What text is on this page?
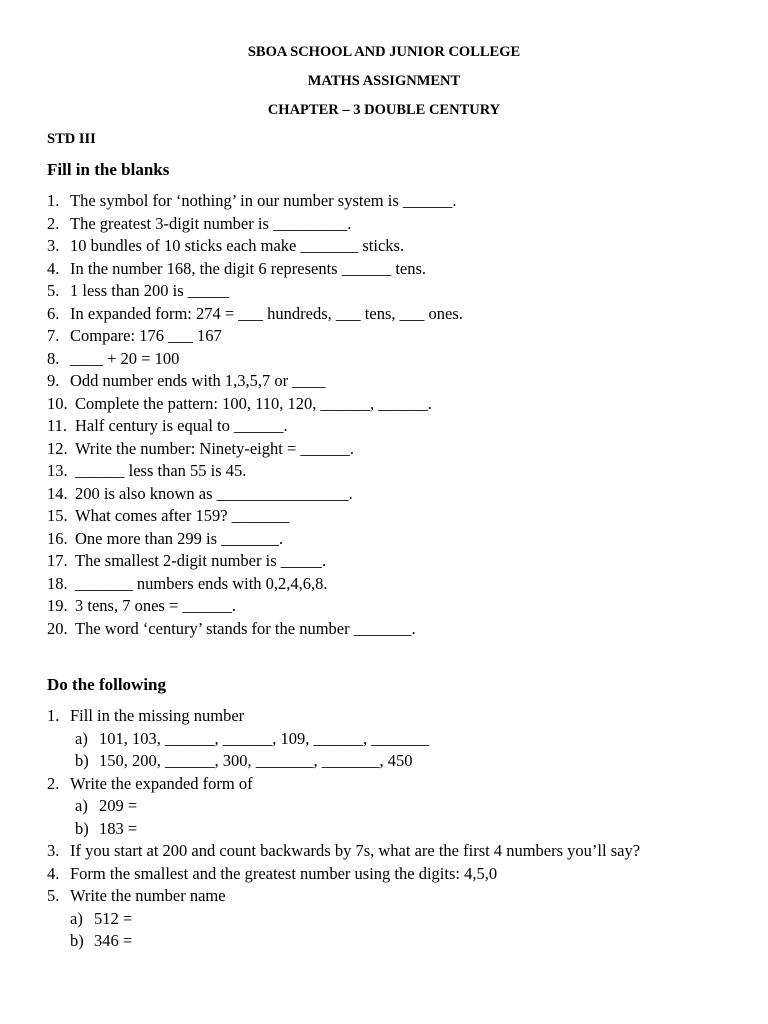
SBOA SCHOOL AND JUNIOR COLLEGE
MATHS ASSIGNMENT
CHAPTER – 3 DOUBLE CENTURY
STD III
Fill in the blanks
1. The symbol for ‘nothing’ in our number system is ______.
2. The greatest 3-digit number is _________.
3. 10 bundles of 10 sticks each make _______ sticks.
4. In the number 168, the digit 6 represents ______ tens.
5. 1 less than 200 is _____
6. In expanded form: 274 = ___ hundreds, ___ tens, ___ ones.
7. Compare: 176 ___ 167
8. ____ + 20 = 100
9. Odd number ends with 1,3,5,7 or ____
10. Complete the pattern: 100, 110, 120, ______, ______.
11. Half century is equal to ______.
12. Write the number: Ninety-eight = ______.
13. ______ less than 55 is 45.
14. 200 is also known as ________________.
15. What comes after 159? _______
16. One more than 299 is _______.
17. The smallest 2-digit number is _____.
18. _______ numbers ends with 0,2,4,6,8.
19. 3 tens, 7 ones = ______.
20. The word ‘century’ stands for the number _______.
Do the following
1. Fill in the missing number
a) 101, 103, ______, ______, 109, ______, _______
b) 150, 200, ______, 300, _______, _______, 450
2. Write the expanded form of
a) 209 =
b) 183 =
3. If you start at 200 and count backwards by 7s, what are the first 4 numbers you’ll say?
4. Form the smallest and the greatest number using the digits: 4,5,0
5. Write the number name
a) 512 =
b) 346 =
